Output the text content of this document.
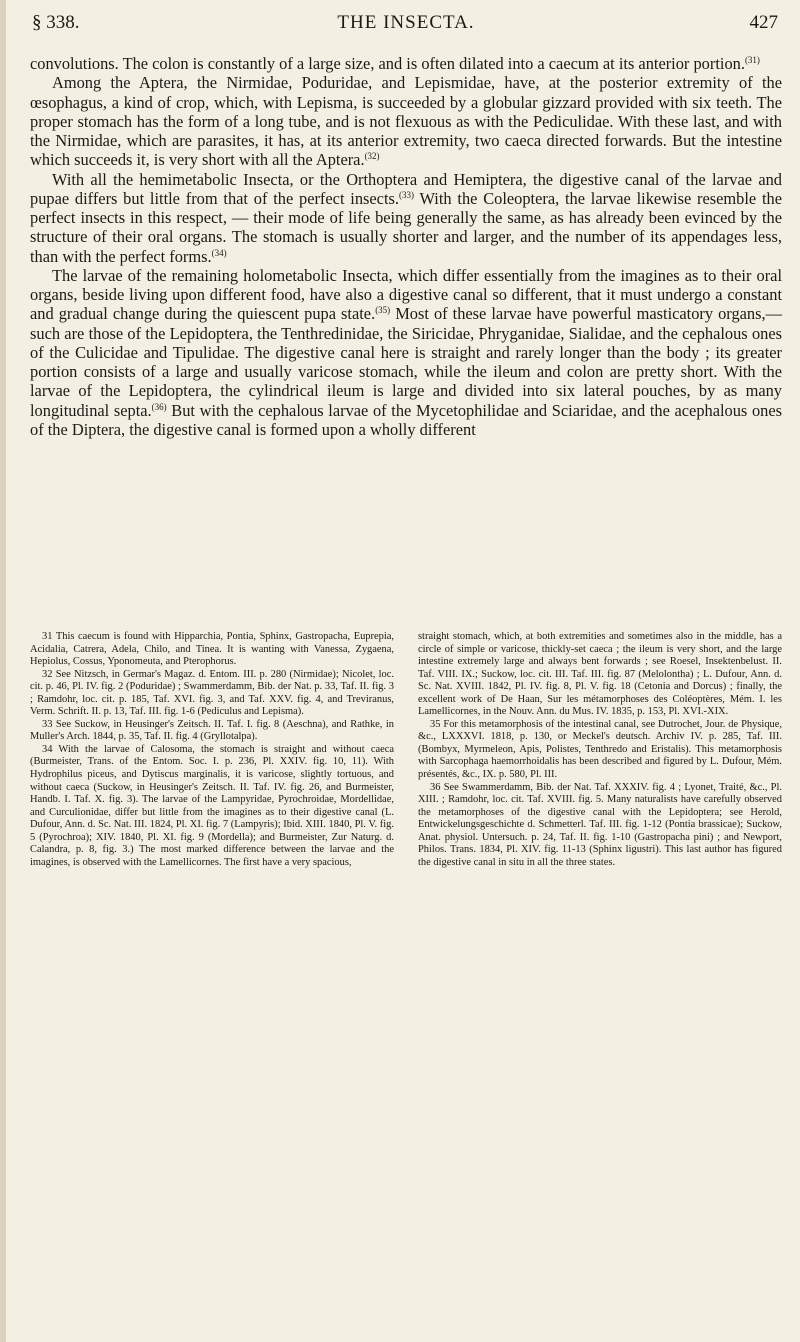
§ 338.	THE INSECTA.	427

convolutions. The colon is constantly of a large size, and is often dilated into a caecum at its anterior portion.$^{(31)}$

Among the Aptera, the Nirmidae, Poduridae, and Lepismidae, have, at the posterior extremity of the œsophagus, a kind of crop, which, with Lepisma, is succeeded by a globular gizzard provided with six teeth. The proper stomach has the form of a long tube, and is not flexuous as with the Pediculidae. With these last, and with the Nirmidae, which are parasites, it has, at its anterior extremity, two caeca directed forwards. But the intestine which succeeds it, is very short with all the Aptera.$^{(32)}$

With all the hemimetabolic Insecta, or the Orthoptera and Hemiptera, the digestive canal of the larvae and pupae differs but little from that of the perfect insects.$^{(33)}$ With the Coleoptera, the larvae likewise resemble the perfect insects in this respect, — their mode of life being generally the same, as has already been evinced by the structure of their oral organs. The stomach is usually shorter and larger, and the number of its appendages less, than with the perfect forms.$^{(34)}$

The larvae of the remaining holometabolic Insecta, which differ essentially from the imagines as to their oral organs, beside living upon different food, have also a digestive canal so different, that it must undergo a constant and gradual change during the quiescent pupa state.$^{(35)}$ Most of these larvae have powerful masticatory organs,— such are those of the Lepidoptera, the Tenthredinidae, the Siricidae, Phryganidae, Sialidae, and the cephalous ones of the Culicidae and Tipulidae. The digestive canal here is straight and rarely longer than the body ; its greater portion consists of a large and usually varicose stomach, while the ileum and colon are pretty short. With the larvae of the Lepidoptera, the cylindrical ileum is large and divided into six lateral pouches, by as many longitudinal septa.$^{(36)}$ But with the cephalous larvae of the Mycetophilidae and Sciaridae, and the acephalous ones of the Diptera, the digestive canal is formed upon a wholly different

31 This caecum is found with Hipparchia, Pontia, Sphinx, Gastropacha, Euprepia, Acidalia, Catrera, Adela, Chilo, and Tinea. It is wanting with Vanessa, Zygaena, Hepiolus, Cossus, Yponomeuta, and Pterophorus.

32 See Nitzsch, in Germar's Magaz. d. Entom. III. p. 280 (Nirmidae); Nicolet, loc. cit. p. 46, Pl. IV. fig. 2 (Poduridae) ; Swammerdamm, Bib. der Nat. p. 33, Taf. II. fig. 3 ; Ramdohr, loc. cit. p. 185, Taf. XVI. fig. 3, and Taf. XXV. fig. 4, and Treviranus, Verm. Schrift. II. p. 13, Taf. III. fig. 1-6 (Pediculus and Lepisma).

33 See Suckow, in Heusinger's Zeitsch. II. Taf. I. fig. 8 (Aeschna), and Rathke, in Muller's Arch. 1844, p. 35, Taf. II. fig. 4 (Gryllotalpa).

34 With the larvae of Calosoma, the stomach is straight and without caeca (Burmeister, Trans. of the Entom. Soc. I. p. 236, Pl. XXIV. fig. 10, 11). With Hydrophilus piceus, and Dytiscus marginalis, it is varicose, slightly tortuous, and without caeca (Suckow, in Heusinger's Zeitsch. II. Taf. IV. fig. 26, and Burmeister, Handb. I. Taf. X. fig. 3). The larvae of the Lampyridae, Pyrochroidae, Mordellidae, and Curculionidae, differ but little from the imagines as to their digestive canal (L. Dufour, Ann. d. Sc. Nat. III. 1824, Pl. XI. fig. 7 (Lampyris); Ibid. XIII. 1840, Pl. V. fig. 5 (Pyrochroa); XIV. 1840, Pl. XI. fig. 9 (Mordella); and Burmeister, Zur Naturg. d. Calandra, p. 8, fig. 3.) The most marked difference between the larvae and the imagines, is observed with the Lamellicornes. The first have a very spacious,

straight stomach, which, at both extremities and sometimes also in the middle, has a circle of simple or varicose, thickly-set caeca ; the ileum is very short, and the large intestine extremely large and always bent forwards ; see Roesel, Insektenbelust. II. Taf. VIII. IX.; Suckow, loc. cit. III. Taf. III. fig. 87 (Melolontha) ; L. Dufour, Ann. d. Sc. Nat. XVIII. 1842, Pl. IV. fig. 8, Pl. V. fig. 18 (Cetonia and Dorcus) ; finally, the excellent work of De Haan, Sur les métamorphoses des Coléoptères, Mém. I. les Lamellicornes, in the Nouv. Ann. du Mus. IV. 1835, p. 153, Pl. XVI.-XIX.

35 For this metamorphosis of the intestinal canal, see Dutrochet, Jour. de Physique, &c., LXXXVI. 1818, p. 130, or Meckel's deutsch. Archiv IV. p. 285, Taf. III. (Bombyx, Myrmeleon, Apis, Polistes, Tenthredo and Eristalis). This metamorphosis with Sarcophaga haemorrhoidalis has been described and figured by L. Dufour, Mém. présentés, &c., IX. p. 580, Pl. III.

36 See Swammerdamm, Bib. der Nat. Taf. XXXIV. fig. 4 ; Lyonet, Traité, &c., Pl. XIII. ; Ramdohr, loc. cit. Taf. XVIII. fig. 5. Many naturalists have carefully observed the metamorphoses of the digestive canal with the Lepidoptera; see Herold, Entwickelungsgeschichte d. Schmetterl. Taf. III. fig. 1-12 (Pontia brassicae); Suckow, Anat. physiol. Untersuch. p. 24, Taf. II. fig. 1-10 (Gastropacha pini) ; and Newport, Philos. Trans. 1834, Pl. XIV. fig. 11-13 (Sphinx ligustri). This last author has figured the digestive canal in situ in all the three states.
